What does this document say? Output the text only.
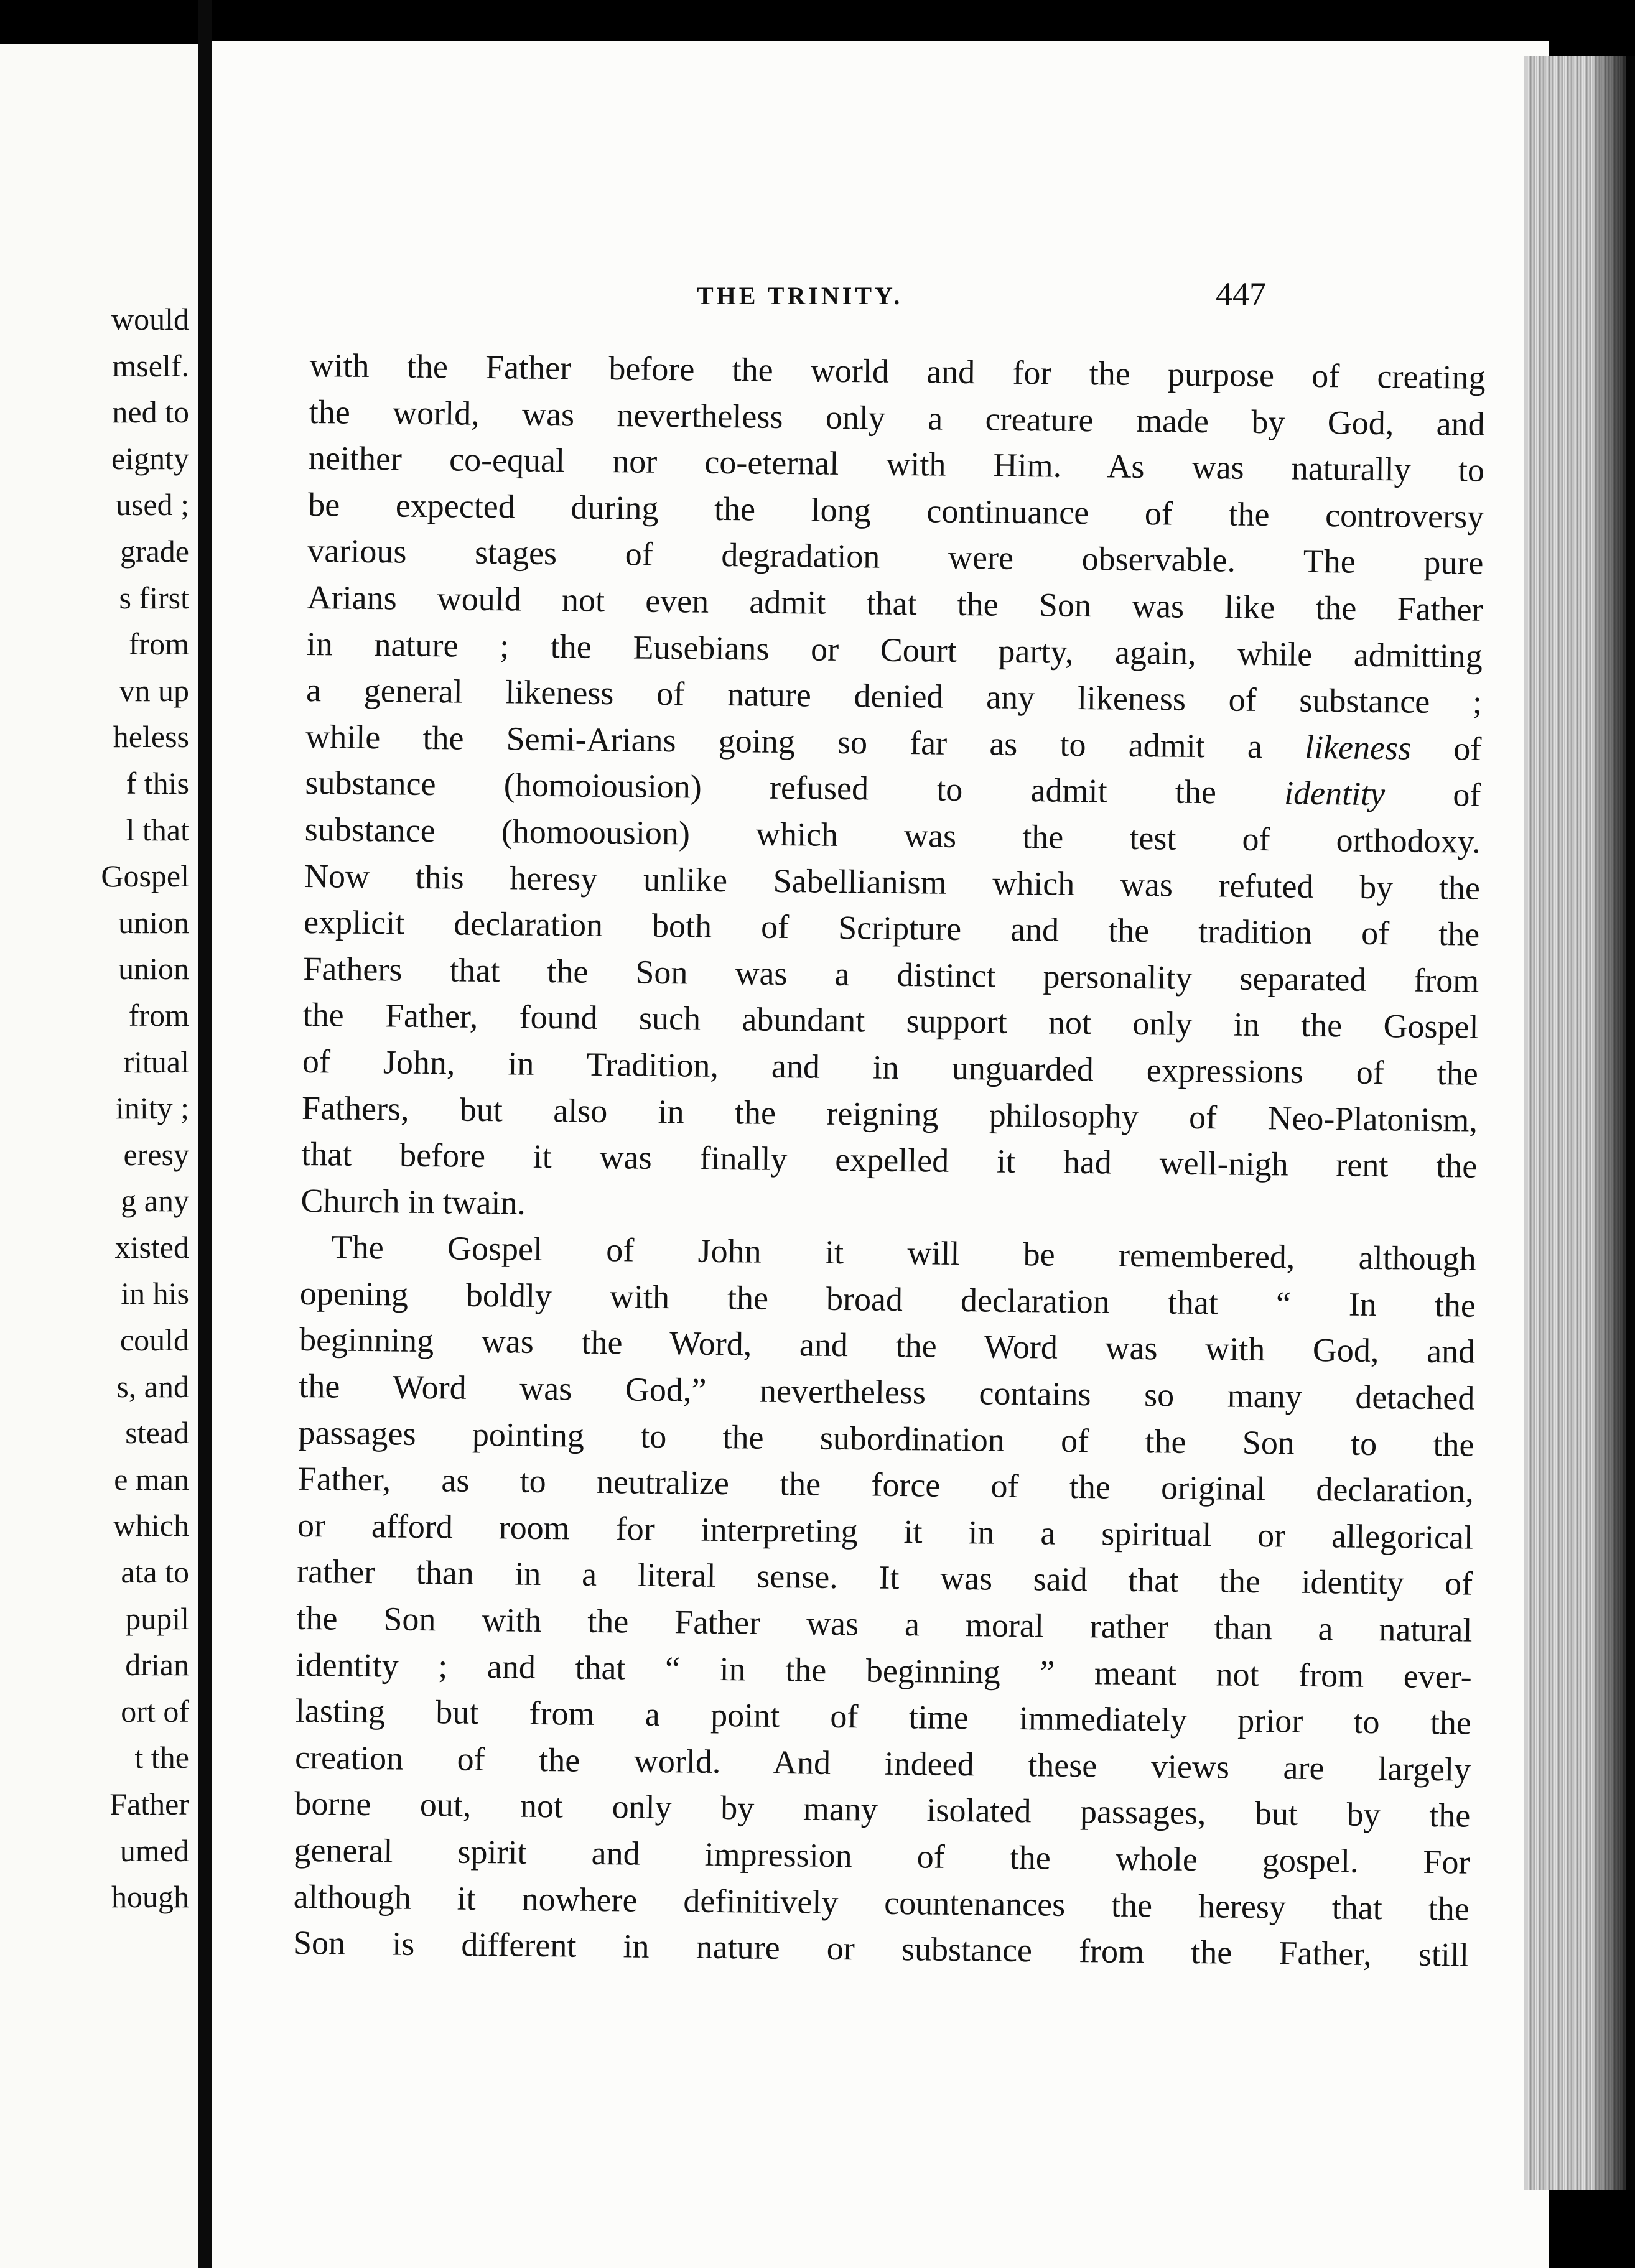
would
mself.
ned to
eignty
used ;
grade
s first
from
vn up
heless
f this
l that
Gospel
union
union
from
ritual
inity ;
eresy
g any
xisted
in his
could
s, and
stead
e man
which
ata to
pupil
drian
ort of
t the
Father
umed
hough
THE TRINITY.	447
with the Father before the world and for the purpose of creating
the world, was nevertheless only a creature made by God, and
neither co-equal nor co-eternal with Him. As was naturally to
be expected during the long continuance of the controversy
various stages of degradation were observable. The pure
Arians would not even admit that the Son was like the Father
in nature ; the Eusebians or Court party, again, while admitting
a general likeness of nature denied any likeness of substance ;
while the Semi-Arians going so far as to admit a likeness of
substance (homoiousion) refused to admit the identity of
substance (homoousion) which was the test of orthodoxy.
Now this heresy unlike Sabellianism which was refuted by the
explicit declaration both of Scripture and the tradition of the
Fathers that the Son was a distinct personality separated from
the Father, found such abundant support not only in the Gospel
of John, in Tradition, and in unguarded expressions of the
Fathers, but also in the reigning philosophy of Neo-Platonism,
that before it was finally expelled it had well-nigh rent the
Church in twain.
The Gospel of John it will be remembered, although
opening boldly with the broad declaration that “ In the
beginning was the Word, and the Word was with God, and
the Word was God,” nevertheless contains so many detached
passages pointing to the subordination of the Son to the
Father, as to neutralize the force of the original declaration,
or afford room for interpreting it in a spiritual or allegorical
rather than in a literal sense. It was said that the identity of
the Son with the Father was a moral rather than a natural
identity ; and that “ in the beginning ” meant not from ever-
lasting but from a point of time immediately prior to the
creation of the world. And indeed these views are largely
borne out, not only by many isolated passages, but by the
general spirit and impression of the whole gospel. For
although it nowhere definitively countenances the heresy that the
Son is different in nature or substance from the Father, still
